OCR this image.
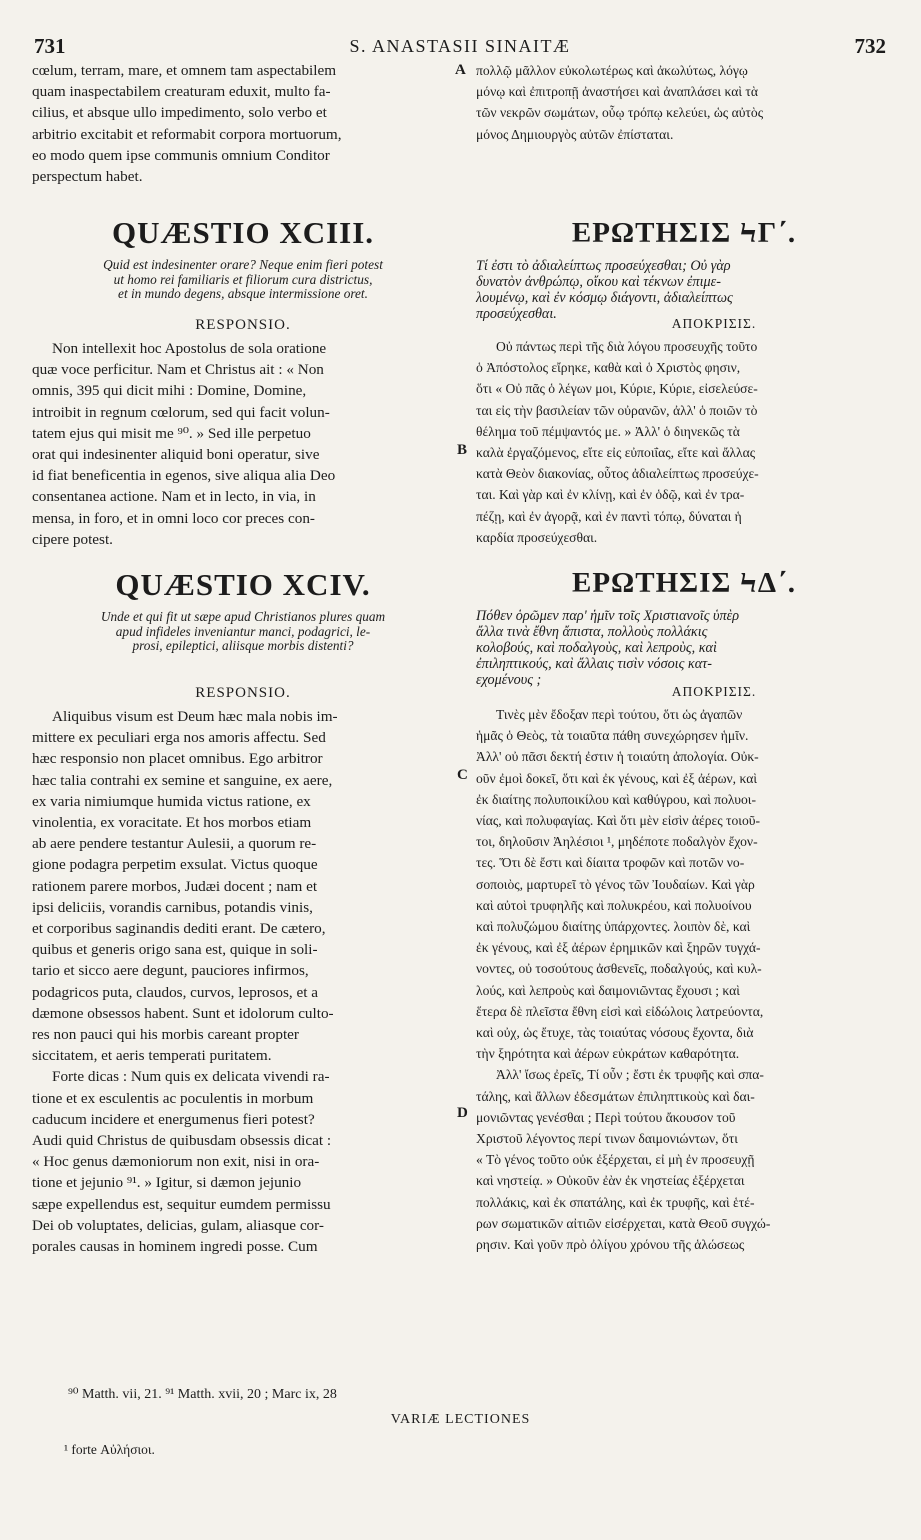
731	S. ANASTASII SINAITÆ	732
A
B
C
D

cœlum, terram, mare, et omnem tam aspectabilem
quam inaspectabilem creaturam eduxit, multo fa-
cilius, et absque ullo impedimento, solo verbo et
arbitrio excitabit et reformabit corpora mortuorum,
eo modo quem ipse communis omnium Conditor
perspectum habet.

QUÆSTIO XCIII.

Quid est indesinenter orare? Neque enim fieri potest
ut homo rei familiaris et filiorum cura districtus,
et in mundo degens, absque intermissione oret.

RESPONSIO.

Non intellexit hoc Apostolus de sola oratione
quæ voce perficitur. Nam et Christus ait : « Non
omnis, 395 qui dicit mihi : Domine, Domine,
introibit in regnum cœlorum, sed qui facit volun-
tatem ejus qui misit me ⁹⁰. » Sed ille perpetuo
orat qui indesinenter aliquid boni operatur, sive
id fiat beneficentia in egenos, sive aliqua alia Deo
consentanea actione. Nam et in lecto, in via, in
mensa, in foro, et in omni loco cor preces con-
cipere potest.

QUÆSTIO XCIV.

Unde et qui fit ut sæpe apud Christianos plures quam
apud infideles inveniantur manci, podagrici, le-
prosi, epileptici, aliisque morbis distenti?

RESPONSIO.

Aliquibus visum est Deum hæc mala nobis im-
mittere ex peculiari erga nos amoris affectu. Sed
hæc responsio non placet omnibus. Ego arbitror
hæc talia contrahi ex semine et sanguine, ex aere,
ex varia nimiumque humida victus ratione, ex
vinolentia, ex voracitate. Et hos morbos etiam
ab aere pendere testantur Aulesii, a quorum re-
gione podagra perpetim exsulat. Victus quoque
rationem parere morbos, Judæi docent ; nam et
ipsi deliciis, vorandis carnibus, potandis vinis,
et corporibus saginandis dediti erant. De cætero,
quibus et generis origo sana est, quique in soli-
tario et sicco aere degunt, pauciores infirmos,
podagricos puta, claudos, curvos, leprosos, et a
dæmone obsessos habent. Sunt et idolorum culto-
res non pauci qui his morbis careant propter
siccitatem, et aeris temperati puritatem.

Forte dicas : Num quis ex delicata vivendi ra-
tione et ex esculentis ac poculentis in morbum
caducum incidere et energumenus fieri potest?
Audi quid Christus de quibusdam obsessis dicat :
« Hoc genus dæmoniorum non exit, nisi in ora-
tione et jejunio ⁹¹. » Igitur, si dæmon jejunio
sæpe expellendus est, sequitur eumdem permissu
Dei ob voluptates, delicias, gulam, aliasque cor-
porales causas in hominem ingredi posse. Cum

πολλῷ μᾶλλον εὐκολωτέρως καὶ ἀκωλύτως, λόγῳ
μόνῳ καὶ ἐπιτροπῇ ἀναστήσει καὶ ἀναπλάσει καὶ τὰ
τῶν νεκρῶν σωμάτων, οὗῳ τρόπῳ κελεύει, ὡς αὐτὸς
μόνος Δημιουργὸς αὐτῶν ἐπίσταται.

ΕΡΩΤΗΣΙΣ ϞΓ΄.

Τί ἐστι τὸ ἀδιαλείπτως προσεύχεσθαι; Οὐ γὰρ
δυνατὸν ἀνθρώπῳ, οἴκου καὶ τέκνων ἐπιμε-
λουμένῳ, καὶ ἐν κόσμῳ διάγοντι, ἀδιαλείπτως
προσεύχεσθαι.

ΑΠΟΚΡΙΣΙΣ.

Οὐ πάντως περὶ τῆς διὰ λόγου προσευχῆς τοῦτο
ὁ Ἀπόστολος εἴρηκε, καθὰ καὶ ὁ Χριστὸς φησιν,
ὅτι « Οὐ πᾶς ὁ λέγων μοι, Κύριε, Κύριε, εἰσελεύσε-
ται εἰς τὴν βασιλείαν τῶν οὐρανῶν, ἀλλ' ὁ ποιῶν τὸ
θέλημα τοῦ πέμψαντός με. » Ἀλλ' ὁ διηνεκῶς τὰ
καλὰ ἐργαζόμενος, εἴτε εἰς εὐποιΐας, εἴτε καὶ ἄλλας
κατὰ Θεὸν διακονίας, οὗτος ἀδιαλείπτως προσεύχε-
ται. Καὶ γὰρ καὶ ἐν κλίνῃ, καὶ ἐν ὁδῷ, καὶ ἐν τρα-
πέζῃ, καὶ ἐν ἀγορᾷ, καὶ ἐν παντὶ τόπῳ, δύναται ἡ
καρδία προσεύχεσθαι.

ΕΡΩΤΗΣΙΣ ϞΔ΄.

Πόθεν ὁρῶμεν παρ' ἡμῖν τοῖς Χριστιανοῖς ὑπὲρ
ἄλλα τινὰ ἔθνη ἄπιστα, πολλοὺς πολλάκις
κολοβούς, καὶ ποδαλγοὺς, καὶ λεπροὺς, καὶ
ἐπιληπτικούς, καὶ ἄλλαις τισὶν νόσοις κατ-
εχομένους ;

ΑΠΟΚΡΙΣΙΣ.

Τινὲς μὲν ἔδοξαν περὶ τούτου, ὅτι ὡς ἀγαπῶν
ἡμᾶς ὁ Θεὸς, τὰ τοιαῦτα πάθη συνεχώρησεν ἡμῖν.
Ἀλλ' οὐ πᾶσι δεκτή ἐστιν ἡ τοιαύτη ἀπολογία. Οὐκ-
οῦν ἐμοὶ δοκεῖ, ὅτι καὶ ἐκ γένους, καὶ ἐξ ἀέρων, καὶ
ἐκ διαίτης πολυποικίλου καὶ καθύγρου, καὶ πολυοι-
νίας, καὶ πολυφαγίας. Καὶ ὅτι μὲν εἰσὶν ἀέρες τοιοῦ-
τοι, δηλοῦσιν Ἀηλέσιοι ¹, μηδέποτε ποδαλγὸν ἔχον-
τες. Ὅτι δὲ ἔστι καὶ δίαιτα τροφῶν καὶ ποτῶν νο-
σοποιὸς, μαρτυρεῖ τὸ γένος τῶν Ἰουδαίων. Καὶ γὰρ
καὶ αὐτοὶ τρυφηλῆς καὶ πολυκρέου, καὶ πολυοίνου
καὶ πολυζώμου διαίτης ὑπάρχοντες. λοιπὸν δὲ, καὶ
ἐκ γένους, καὶ ἐξ ἀέρων ἐρημικῶν καὶ ξηρῶν τυγχά-
νοντες, οὐ τοσούτους ἀσθενεῖς, ποδαλγούς, καὶ κυλ-
λούς, καὶ λεπροὺς καὶ δαιμονιῶντας ἔχουσι ; καὶ
ἕτερα δὲ πλεῖστα ἔθνη εἰσὶ καὶ εἰδώλοις λατρεύοντα,
καὶ οὐχ, ὡς ἔτυχε, τὰς τοιαύτας νόσους ἔχοντα, διὰ
τὴν ξηρότητα καὶ ἀέρων εὐκράτων καθαρότητα.

Ἀλλ' ἴσως ἐρεῖς, Τί οὖν ; ἔστι ἐκ τρυφῆς καὶ σπα-
τάλης, καὶ ἄλλων ἐδεσμάτων ἐπιληπτικοὺς καὶ δαι-
μονιῶντας γενέσθαι ; Περὶ τούτου ἄκουσον τοῦ
Χριστοῦ λέγοντος περί τινων δαιμονιώντων, ὅτι
« Τὸ γένος τοῦτο οὐκ ἐξέρχεται, εἰ μὴ ἐν προσευχῇ
καὶ νηστείᾳ. » Οὐκοῦν ἐὰν ἐκ νηστείας ἐξέρχεται
πολλάκις, καὶ ἐκ σπατάλης, καὶ ἐκ τρυφῆς, καὶ ἑτέ-
ρων σωματικῶν αἰτιῶν εἰσέρχεται, κατὰ Θεοῦ συγχώ-
ρησιν. Καὶ γοῦν πρὸ ὀλίγου χρόνου τῆς ἁλώσεως

⁹⁰ Matth. vii, 21. ⁹¹ Matth. xvii, 20 ; Marc ix, 28
VARIÆ LECTIONES
¹ forte Αὐλήσιοι.
